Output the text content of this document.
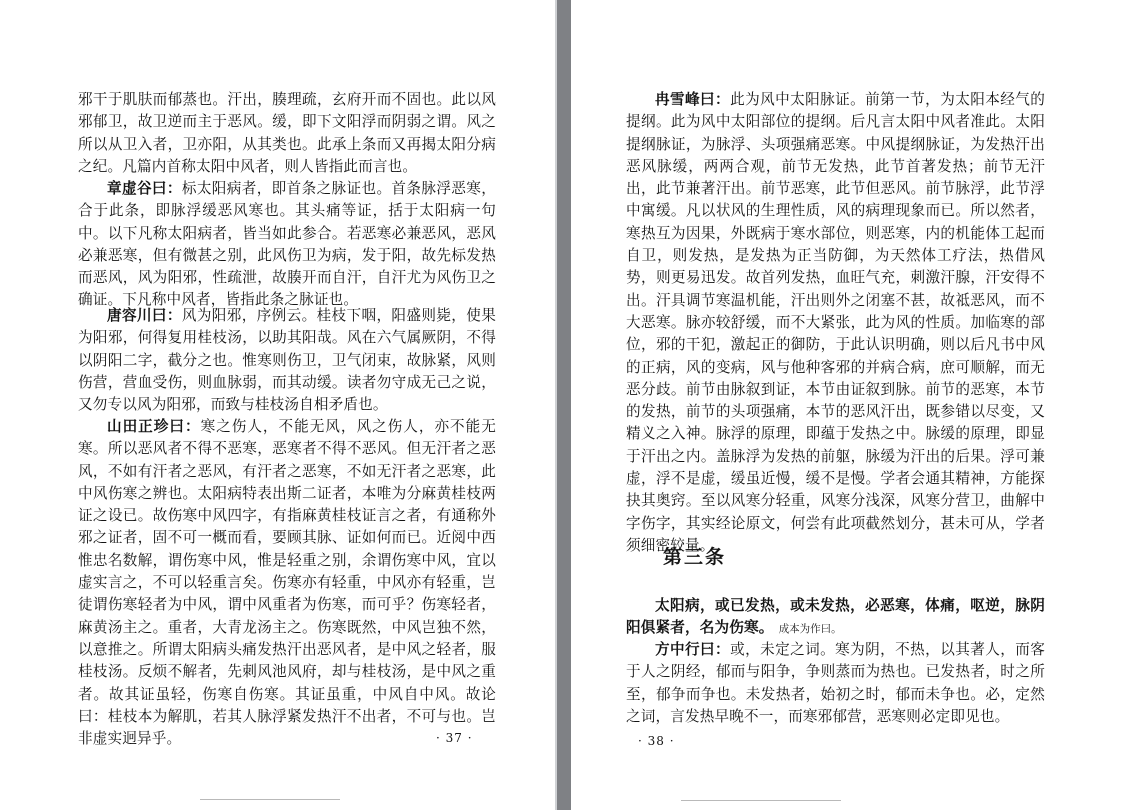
邪干于肌肤而郁蒸也。汗出，腠理疏，玄府开而不固也。此以风邪郁卫，故卫逆而主于恶风。缓，即下文阳浮而阴弱之谓。风之所以从卫入者，卫亦阳，从其类也。此承上条而又再揭太阳分病之纪。凡篇内首称太阳中风者，则人皆指此而言也。

章虚谷曰：标太阳病者，即首条之脉证也。首条脉浮恶寒，合于此条，即脉浮缓恶风寒也。其头痛等证，括于太阳病一句中。以下凡称太阳病者，皆当如此参合。若恶寒必兼恶风，恶风必兼恶寒，但有微甚之别，此风伤卫为病，发于阳，故先标发热而恶风，风为阳邪，性疏泄，故腠开而自汗，自汗尤为风伤卫之确证。下凡称中风者，皆指此条之脉证也。

唐容川曰：风为阳邪，序例云。桂枝下咽，阳盛则毙，使果为阳邪，何得复用桂枝汤，以助其阳哉。风在六气属厥阴，不得以阴阳二字，截分之也。惟寒则伤卫，卫气闭束，故脉紧，风则伤营，营血受伤，则血脉弱，而其动缓。读者勿守成无己之说，又勿专以风为阳邪，而致与桂枝汤自相矛盾也。

山田正珍曰：寒之伤人，不能无风，风之伤人，亦不能无寒。所以恶风者不得不恶寒，恶寒者不得不恶风。但无汗者之恶风，不如有汗者之恶风，有汗者之恶寒，不如无汗者之恶寒，此中风伤寒之辨也。太阳病特表出斯二证者，本唯为分麻黄桂枝两证之设已。故伤寒中风四字，有指麻黄桂枝证言之者，有通称外邪之证者，固不可一概而看，要顾其脉、证如何而已。近阅中西惟忠名数解，谓伤寒中风，惟是轻重之别，余谓伤寒中风，宜以虚实言之，不可以轻重言矣。伤寒亦有轻重，中风亦有轻重，岂徒谓伤寒轻者为中风，谓中风重者为伤寒，而可乎？伤寒轻者，麻黄汤主之。重者，大青龙汤主之。伤寒既然，中风岂独不然，以意推之。所谓太阳病头痛发热汗出恶风者，是中风之轻者，服桂枝汤。反烦不解者，先刺风池风府，却与桂枝汤，是中风之重者。故其证虽轻，伤寒自伤寒。其证虽重，中风自中风。故论曰：桂枝本为解肌，若其人脉浮紧发热汗不出者，不可与也。岂非虚实迥异乎。	· 37 ·

冉雪峰曰：此为风中太阳脉证。前第一节，为太阳本经气的提纲。此为风中太阳部位的提纲。后凡言太阳中风者准此。太阳提纲脉证，为脉浮、头项强痛恶寒。中风提纲脉证，为发热汗出恶风脉缓，两两合观，前节无发热，此节首著发热；前节无汗出，此节兼著汗出。前节恶寒，此节但恶风。前节脉浮，此节浮中寓缓。凡以状风的生理性质，风的病理现象而已。所以然者，寒热互为因果，外既病于寒水部位，则恶寒，内的机能体工起而自卫，则发热，是发热为正当防御，为天然体工疗法，热借风势，则更易迅发。故首列发热，血旺气充，刺激汗腺，汗安得不出。汗具调节寒温机能，汗出则外之闭塞不甚，故祗恶风，而不大恶寒。脉亦较舒缓，而不大紧张，此为风的性质。加临寒的部位，邪的干犯，激起正的御防，于此认识明确，则以后凡书中风的正病，风的变病，风与他种客邪的并病合病，庶可顺解，而无恶分歧。前节由脉叙到证，本节由证叙到脉。前节的恶寒，本节的发热，前节的头项强痛，本节的恶风汗出，既参错以尽变，又精义之入神。脉浮的原理，即蕴于发热之中。脉缓的原理，即显于汗出之内。盖脉浮为发热的前躯，脉缓为汗出的后果。浮可兼虚，浮不是虚，缓虽近慢，缓不是慢。学者会通其精神，方能探抉其奥窍。至以风寒分轻重，风寒分浅深，风寒分营卫，曲解中字伤字，其实经论原文，何尝有此项截然划分，甚未可从，学者须细密较量。

第三条

太阳病，或已发热，或未发热，必恶寒，体痛，呕逆，脉阴阳俱紧者，名为伤寒。 成本为作曰。

方中行曰：或，未定之词。寒为阴，不热，以其著人，而客于人之阴经，郁而与阳争，争则蒸而为热也。已发热者，时之所至，郁争而争也。未发热者，始初之时，郁而未争也。必，定然之词，言发热早晚不一，而寒邪郁营，恶寒则必定即见也。

· 38 ·
